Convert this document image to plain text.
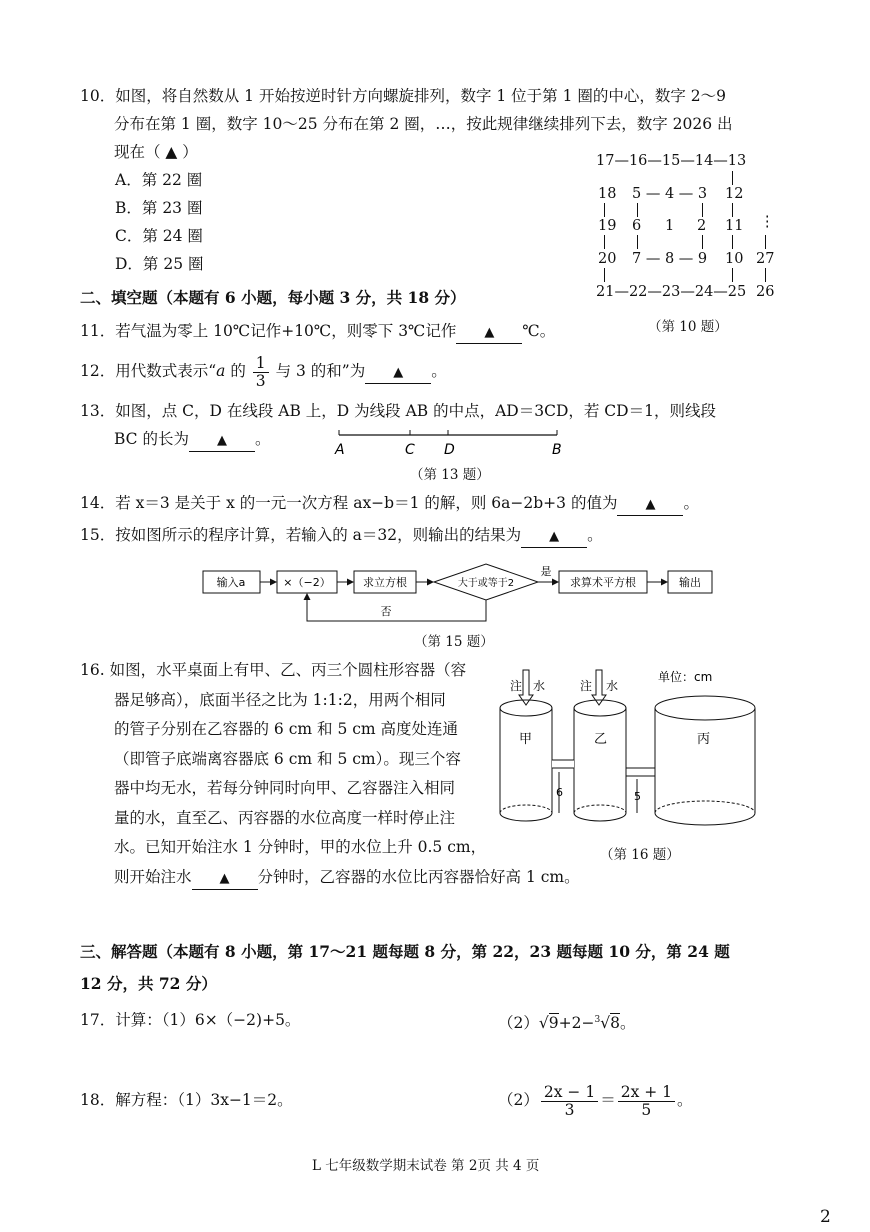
10．如图，将自然数从 1 开始按逆时针方向螺旋排列，数字 1 位于第 1 圈的中心，数字 2～9
分布在第 1 圈，数字 10～25 分布在第 2 圈，…，按此规律继续排列下去，数字 2026 出
现在（ ▲ ）
A．第 22 圈
B．第 23 圈
C．第 24 圈
D．第 25 圈
17—16—15—14—13
18 5 — 4 — 3 12
19 6 1 2 11 ⋮
20 7 — 8 — 9 10 27
21—22—23—24—25 26
（第 10 题）
二、填空题（本题有 6 小题，每小题 3 分，共 18 分）
11．若气温为零上 10℃记作+10℃，则零下 3℃记作 ▲ ℃。
12．用代数式表示“a 的 $\frac{1}{3}$ 与 3 的和”为 ▲ 。
13．如图，点 C，D 在线段 AB 上，D 为线段 AB 的中点，AD＝3CD，若 CD＝1，则线段
BC 的长为 ▲ 。
A	C D	B
（第 13 题）
14．若 x＝3 是关于 x 的一元一次方程 ax−b＝1 的解，则 6a−2b+3 的值为 ▲ 。
15．按如图所示的程序计算，若输入的 a＝32，则输出的结果为 ▲ 。
输入a	×（−2）	求立方根	大于或等于2
是
求算术平方根	输出
否
（第 15 题）
16. 如图，水平桌面上有甲、乙、丙三个圆柱形容器（容
器足够高），底面半径之比为 1:1:2，用两个相同
的管子分别在乙容器的 6 cm 和 5 cm 高度处连通
（即管子底端离容器底 6 cm 和 5 cm）。现三个容
器中均无水，若每分钟同时向甲、乙容器注入相同
量的水，直至乙、丙容器的水位高度一样时停止注
水。已知开始注水 1 分钟时，甲的水位上升 0.5 cm，
则开始注水 ▲ 分钟时，乙容器的水位比丙容器恰好高 1 cm。
单位：cm
注 水	注 水
甲	乙	丙
6	5
（第 16 题）
三、解答题（本题有 8 小题，第 17～21 题每题 8 分，第 22，23 题每题 10 分，第 24 题
12 分，共 72 分）
17．计算：（1）6×（−2)+5。	（2）√9+2−$^3$√8。
18．解方程：（1）3x−1＝2。	$(2) \frac{2x - 1}{3} = \frac{2x + 1}{5}$ 。
L 七年级数学期末试卷 第 2页 共 4 页
2
